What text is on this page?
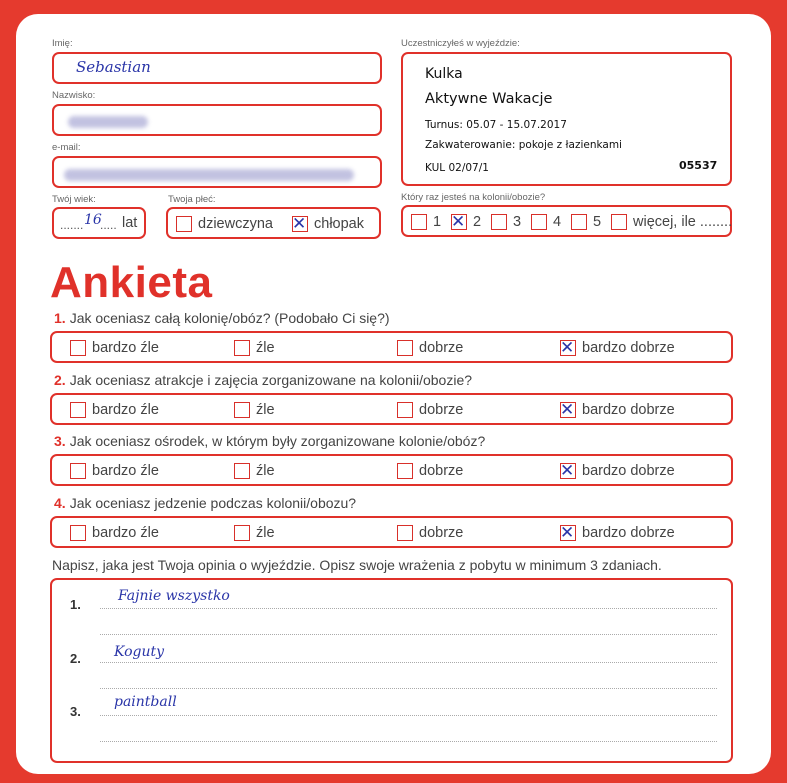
Imię:
Sebastian
Nazwisko:
e-mail:
Twój wiek:
....... 16
..... lat
Twoja płeć:
dziewczyna ✕ chłopak
Uczestniczyłeś w wyjeździe:
Kulka
Aktywne Wakacje
Turnus: 05.07 - 15.07.2017
Zakwaterowanie: pokoje z łazienkami
KUL 02/07/1	05537
Który raz jesteś na kolonii/obozie?
1 ✕ 2 3 4 5 więcej, ile ........
Ankieta
1. Jak oceniasz całą kolonię/obóz? (Podobało Ci się?)
bardzo źle	źle	dobrze	✕ bardzo dobrze
2. Jak oceniasz atrakcje i zajęcia zorganizowane na kolonii/obozie?
bardzo źle	źle	dobrze	✕ bardzo dobrze
3. Jak oceniasz ośrodek, w którym były zorganizowane kolonie/obóz?
bardzo źle	źle	dobrze	✕ bardzo dobrze
4. Jak oceniasz jedzenie podczas kolonii/obozu?
bardzo źle	źle	dobrze	✕ bardzo dobrze
Napisz, jaka jest Twoja opinia o wyjeździe. Opisz swoje wrażenia z pobytu w minimum 3 zdaniach.
1.
Fajnie wszystko
2. Koguty
3.
paintball
